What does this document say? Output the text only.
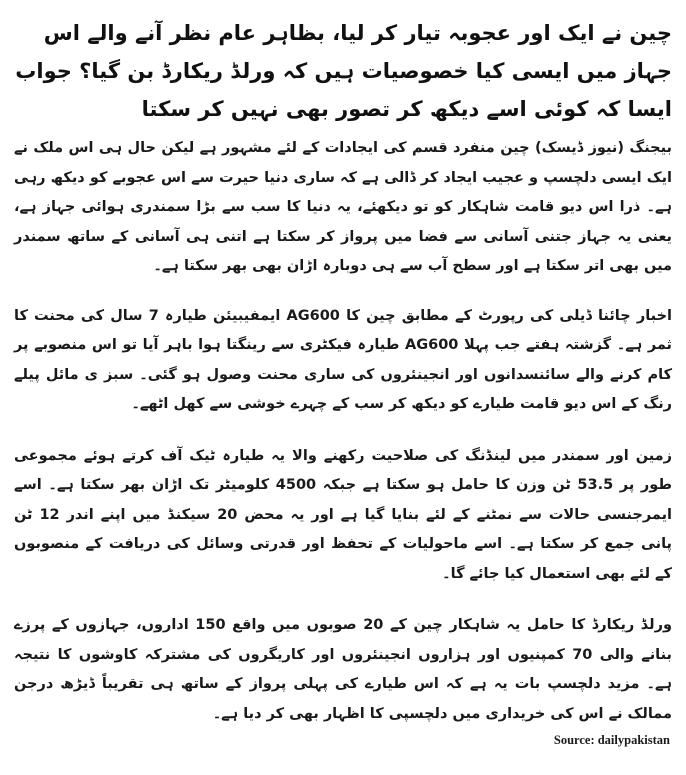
چین نے ایک اور عجوبہ تیار کر لیا، بظاہر عام نظر آنے والے اس جہاز میں ایسی کیا خصوصیات ہیں کہ ورلڈ ریکارڈ بن گیا؟ جواب ایسا کہ کوئی اسے دیکھ کر تصور بھی نہیں کر سکتا
بیجنگ (نیوز ڈیسک) چین منفرد قسم کی ایجادات کے لئے مشہور ہے لیکن حال ہی اس ملک نے ایک ایسی دلچسپ و عجیب ایجاد کر ڈالی ہے کہ ساری دنیا حیرت سے اس عجوبے کو دیکھ رہی ہے۔ ذرا اس دیو قامت شاہکار کو تو دیکھئے، یہ دنیا کا سب سے بڑا سمندری ہوائی جہاز ہے، یعنی یہ جہاز جتنی آسانی سے فضا میں پرواز کر سکتا ہے اتنی ہی آسانی کے ساتھ سمندر میں بھی اتر سکتا ہے اور سطح آب سے ہی دوبارہ اڑان بھی بھر سکتا ہے۔
اخبار چائنا ڈیلی کی رپورٹ کے مطابق چین کا AG600 ایمفیبیئن طیارہ 7 سال کی محنت کا ثمر ہے۔ گزشتہ ہفتے جب پہلا AG600 طیارہ فیکٹری سے رینگتا ہوا باہر آیا تو اس منصوبے پر کام کرنے والے سائنسدانوں اور انجینئروں کی ساری محنت وصول ہو گئی۔ سبز ی مائل پیلے رنگ کے اس دیو قامت طیارے کو دیکھ کر سب کے چہرے خوشی سے کھل اٹھے۔
زمین اور سمندر میں لینڈنگ کی صلاحیت رکھنے والا یہ طیارہ ٹیک آف کرتے ہوئے مجموعی طور پر 53.5 ٹن وزن کا حامل ہو سکتا ہے جبکہ 4500 کلومیٹر تک اڑان بھر سکتا ہے۔ اسے ایمرجنسی حالات سے نمٹنے کے لئے بنایا گیا ہے اور یہ محض 20 سیکنڈ میں اپنے اندر 12 ٹن پانی جمع کر سکتا ہے۔ اسے ماحولیات کے تحفظ اور قدرتی وسائل کی دریافت کے منصوبوں کے لئے بھی استعمال کیا جائے گا۔
ورلڈ ریکارڈ کا حامل یہ شاہکار چین کے 20 صوبوں میں واقع 150 اداروں، جہازوں کے پرزے بنانے والی 70 کمپنیوں اور ہزاروں انجینئروں اور کاریگروں کی مشترکہ کاوشوں کا نتیجہ ہے۔ مزید دلچسپ بات یہ ہے کہ اس طیارے کی پہلی پرواز کے ساتھ ہی تقریباً ڈیڑھ درجن ممالک نے اس کی خریداری میں دلچسپی کا اظہار بھی کر دیا ہے۔
Source: dailypakistan
